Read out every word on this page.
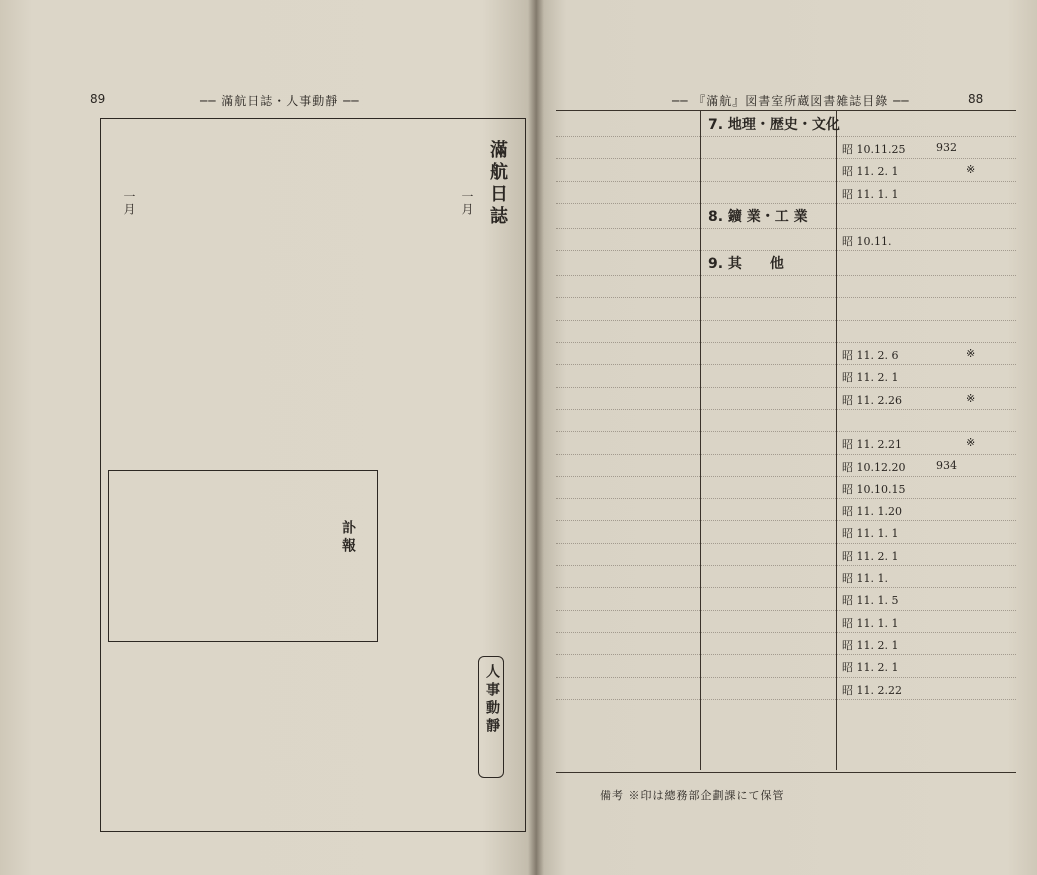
89	── 滿航日誌・人事動靜 ──
滿航日誌
一月
一月
訃報
人事動靜
── 『滿航』図書室所蔵図書雑誌目錄 ──	88
7. 地理・歴史・文化
昭 10.11.25	932
昭 11. 2. 1	※
昭 11. 1. 1
8. 鑛 業・工 業
昭 10.11.
9. 其　　他
昭 11. 2. 6	※
昭 11. 2. 1
昭 11. 2.26	※
昭 11. 2.21	※
昭 10.12.20	934
昭 10.10.15
昭 11. 1.20
昭 11. 1. 1
昭 11. 2. 1
昭 11. 1.
昭 11. 1. 5
昭 11. 1. 1
昭 11. 2. 1
昭 11. 2. 1
昭 11. 2.22
備考 ※印は總務部企劃課にて保管
